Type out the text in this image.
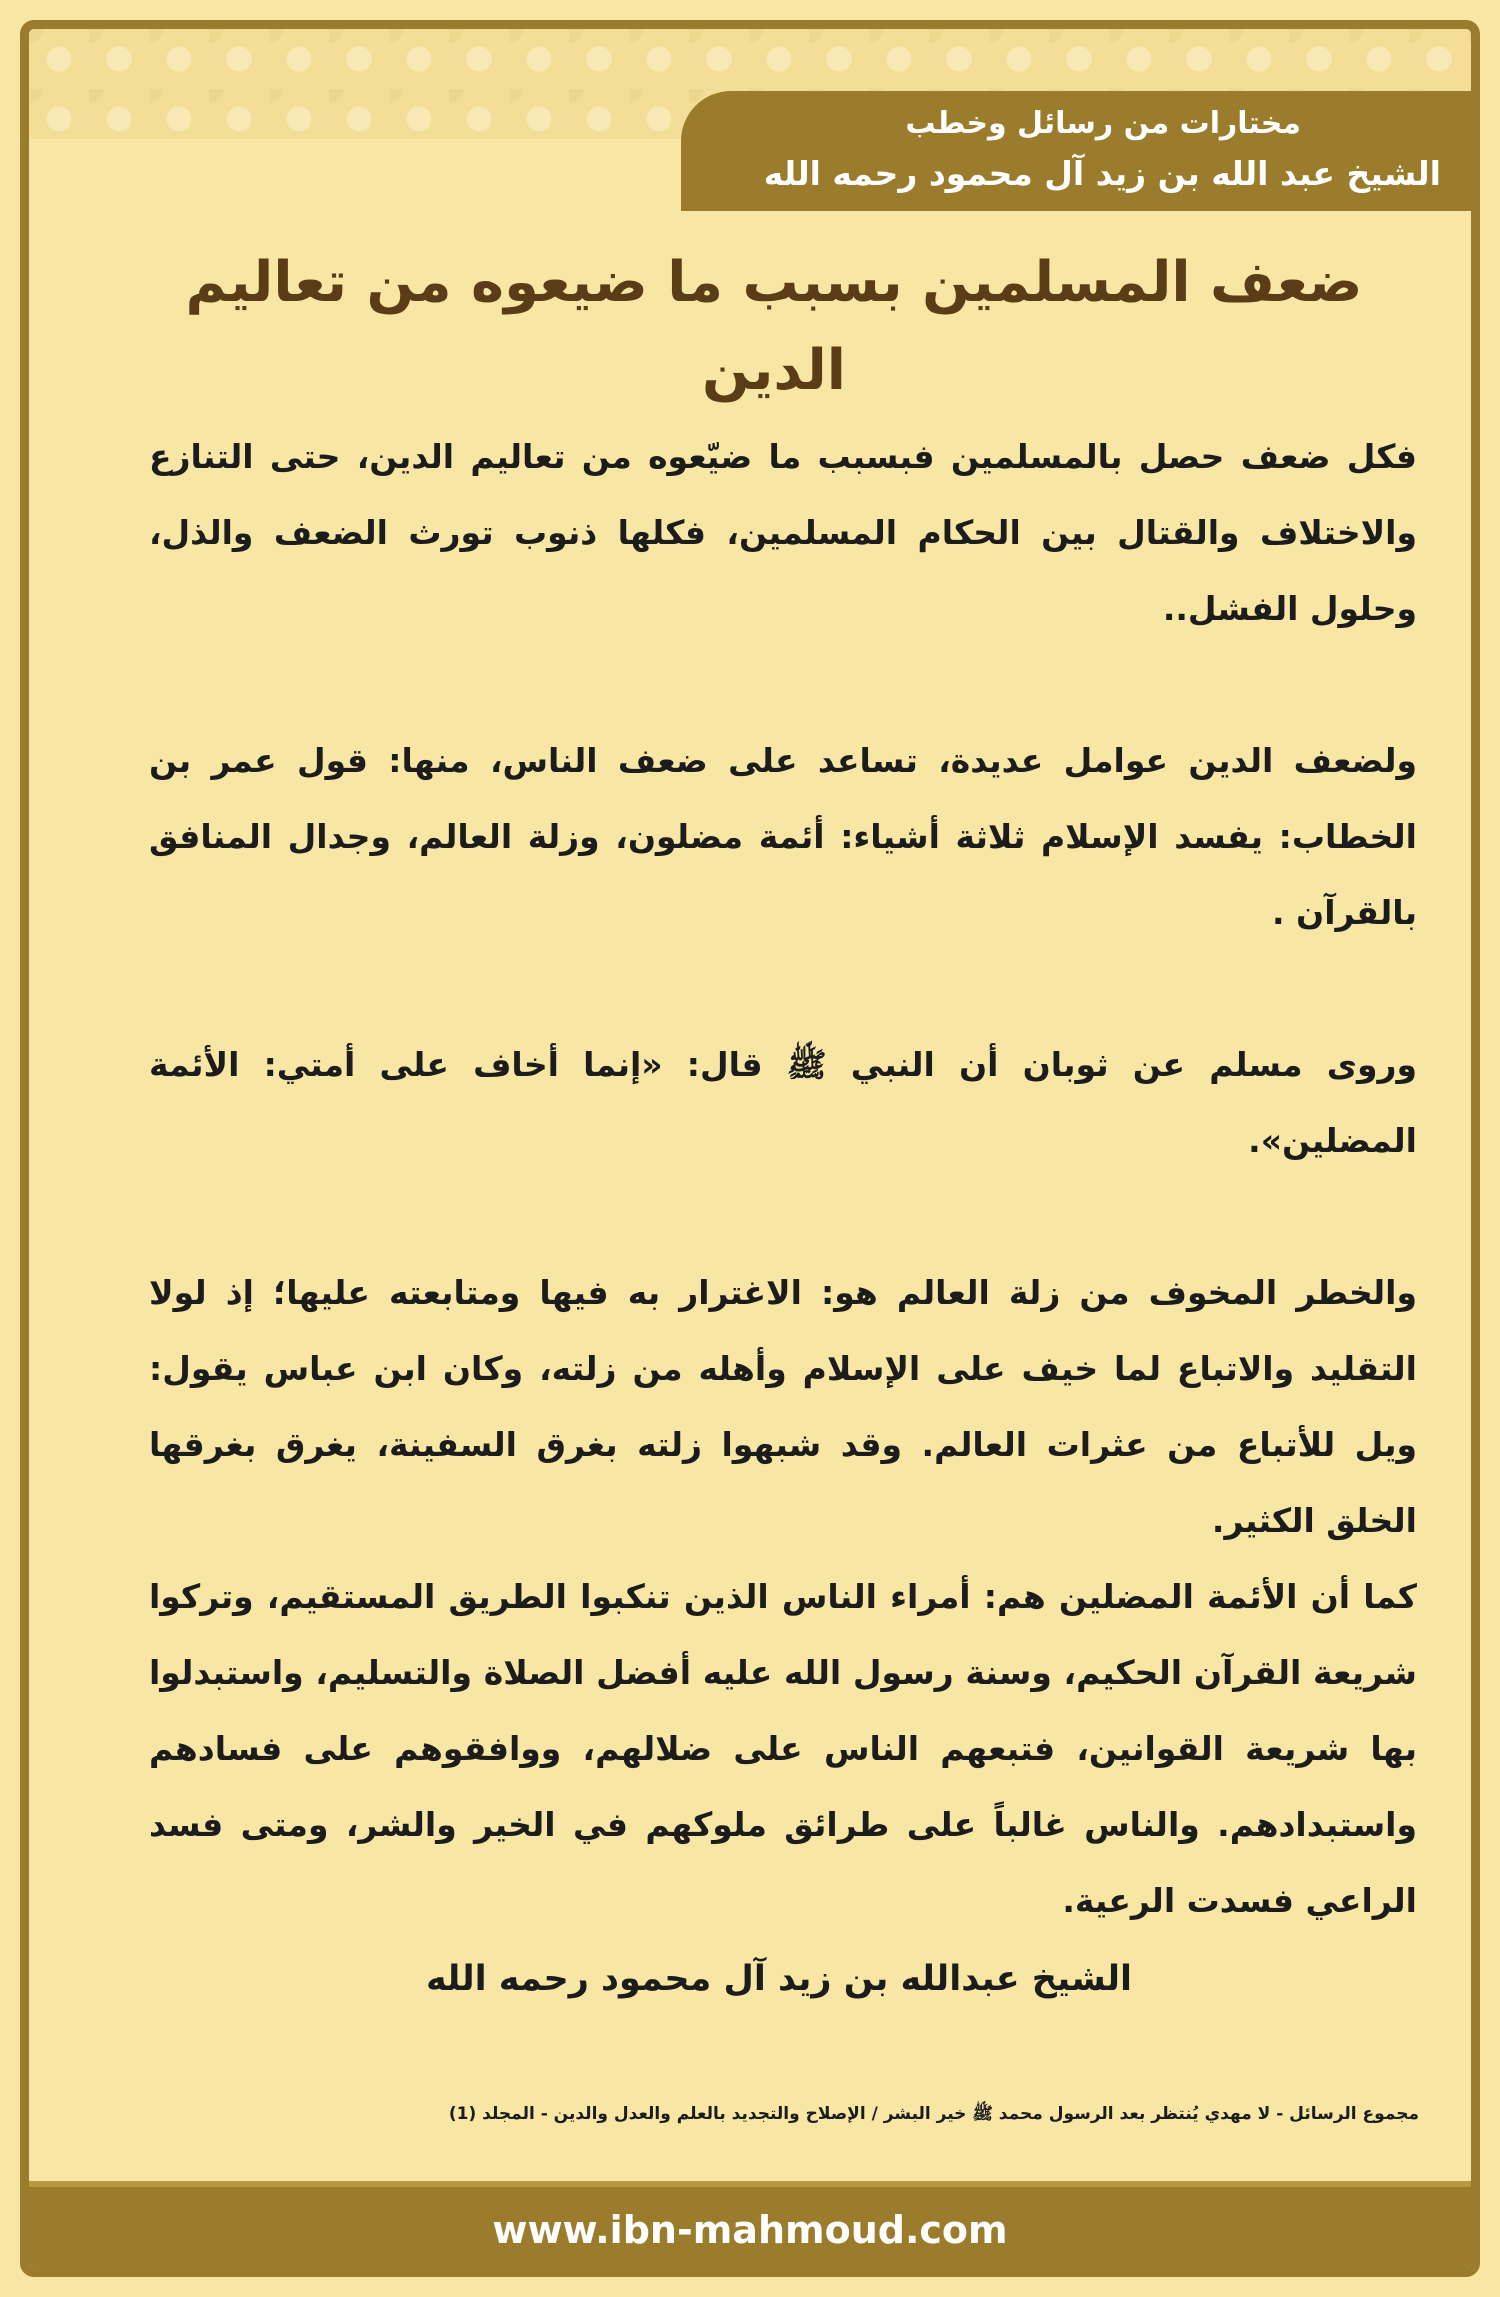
مختارات من رسائل وخطب
الشيخ عبد الله بن زيد آل محمود رحمه الله
ضعف المسلمين بسبب ما ضيعوه من تعاليم الدين

فكل ضعف حصل بالمسلمين فبسبب ما ضيّعوه من تعاليم الدين، حتى التنازع والاختلاف والقتال بين الحكام المسلمين، فكلها ذنوب تورث الضعف والذل، وحلول الفشل..

ولضعف الدين عوامل عديدة، تساعد على ضعف الناس، منها: قول عمر بن الخطاب: يفسد الإسلام ثلاثة أشياء: أئمة مضلون، وزلة العالم، وجدال المنافق بالقرآن .

وروى مسلم عن ثوبان أن النبي ﷺ قال: «إنما أخاف على أمتي: الأئمة المضلين».

والخطر المخوف من زلة العالم هو: الاغترار به فيها ومتابعته عليها؛ إذ لولا التقليد والاتباع لما خيف على الإسلام وأهله من زلته، وكان ابن عباس يقول: ويل للأتباع من عثرات العالم. وقد شبهوا زلته بغرق السفينة، يغرق بغرقها الخلق الكثير.

كما أن الأئمة المضلين هم: أمراء الناس الذين تنكبوا الطريق المستقيم، وتركوا شريعة القرآن الحكيم، وسنة رسول الله عليه أفضل الصلاة والتسليم، واستبدلوا بها شريعة القوانين، فتبعهم الناس على ضلالهم، ووافقوهم على فسادهم واستبدادهم. والناس غالباً على طرائق ملوكهم في الخير والشر، ومتى فسد الراعي فسدت الرعية.

الشيخ عبدالله بن زيد آل محمود رحمه الله
مجموع الرسائل - لا مهدي يُنتظر بعد الرسول محمد ﷺ خير البشر / الإصلاح والتجديد بالعلم والعدل والدين - المجلد (1)
www.ibn-mahmoud.com
